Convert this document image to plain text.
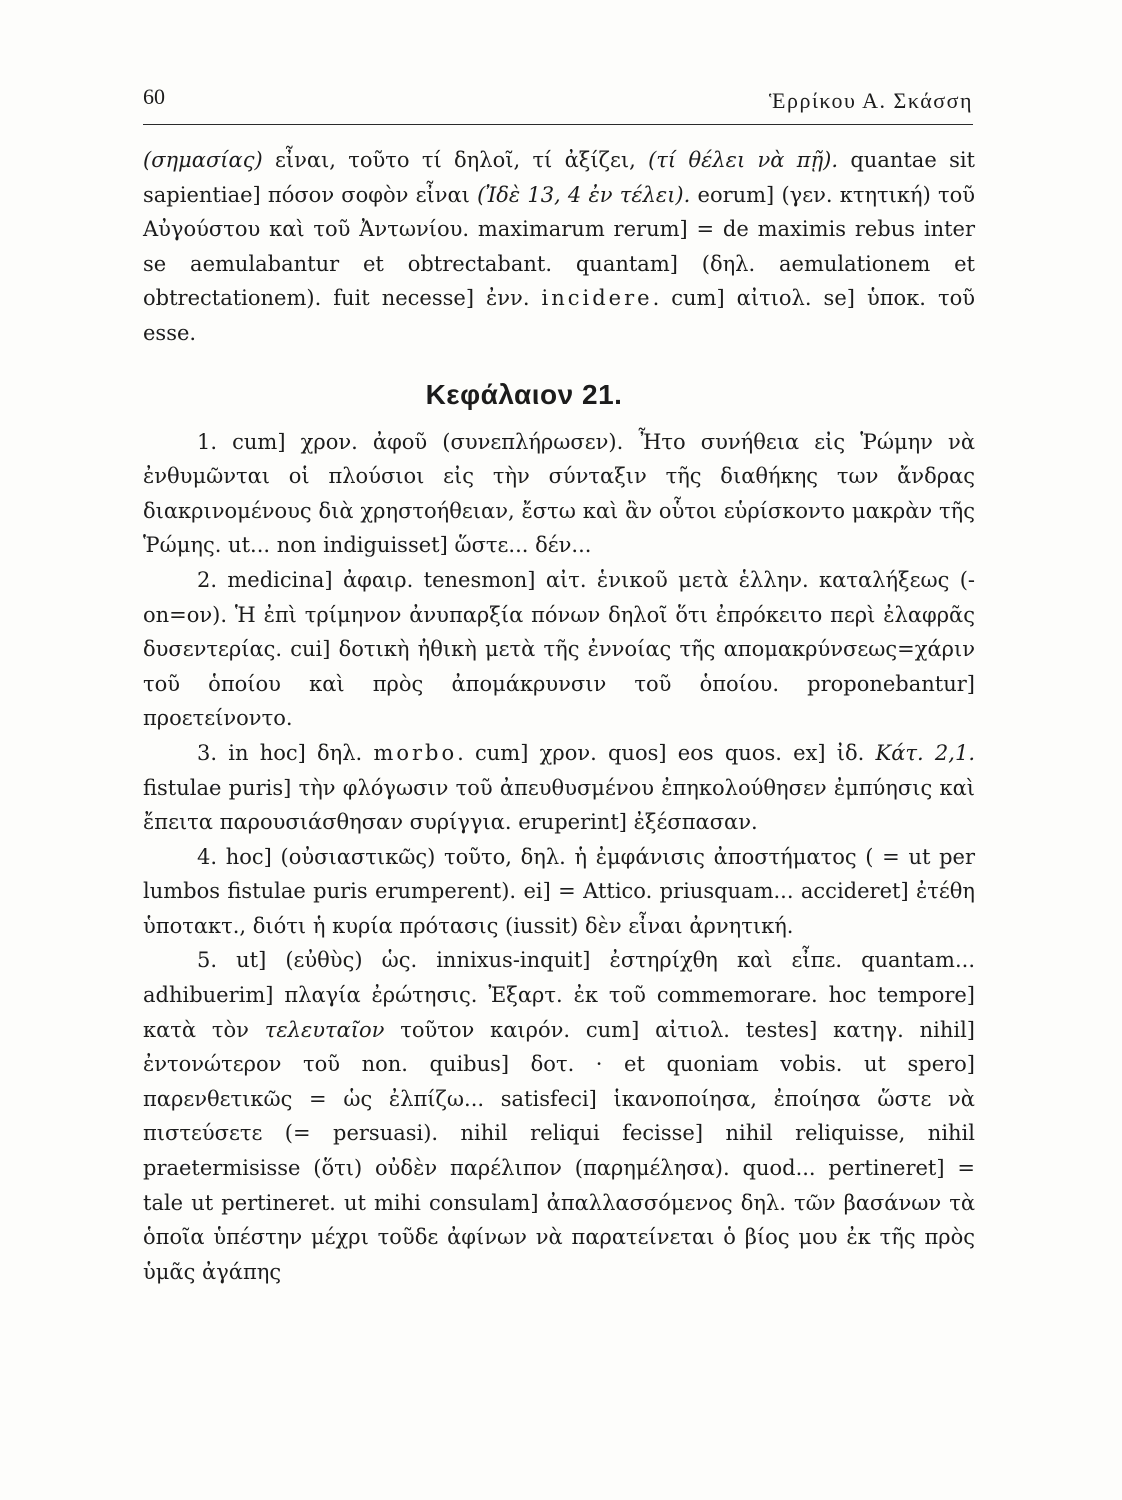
60	Ἑρρίκου Α. Σκάσση

(σημασίας) εἶναι, τοῦτο τί δηλοῖ, τί ἀξίζει, (τί θέλει νὰ πῇ). quantae sit sapientiae] πόσον σοφὸν εἶναι (Ἰδὲ 13, 4 ἐν τέλει). eorum] (γεν. κτητική) τοῦ Αὐγούστου καὶ τοῦ Ἀντωνίου. maximarum rerum] = de maximis rebus inter se aemulabantur et obtrectabant. quantam] (δηλ. aemulationem et obtrectationem). fuit necesse] ἐνν. incidere. cum] αἰτιολ. se] ὑποκ. τοῦ esse.

Κεφάλαιον 21.

1. cum] χρον. ἀφοῦ (συνεπλήρωσεν). Ἦτο συνήθεια εἰς Ῥώμην νὰ ἐνθυμῶνται οἱ πλούσιοι εἰς τὴν σύνταξιν τῆς διαθήκης των ἄνδρας διακρινομένους διὰ χρηστοήθειαν, ἔστω καὶ ἂν οὗτοι εὑρίσκοντο μακρὰν τῆς Ῥώμης. ut... non indiguisset] ὥστε... δέν...

2. medicina] ἀφαιρ. tenesmon] αἰτ. ἑνικοῦ μετὰ ἑλλην. καταλήξεως (-on=ον). Ἡ ἐπὶ τρίμηνον ἀνυπαρξία πόνων δηλοῖ ὅτι ἐπρόκειτο περὶ ἐλαφρᾶς δυσεντερίας. cui] δοτικὴ ἠθικὴ μετὰ τῆς ἐννοίας τῆς απομακρύνσεως=χάριν τοῦ ὁποίου καὶ πρὸς ἀπομάκρυνσιν τοῦ ὁποίου. proponebantur] προετείνοντο.

3. in hoc] δηλ. morbo. cum] χρον. quos] eos quos. ex] ἰδ. Κάτ. 2,1. fistulae puris] τὴν φλόγωσιν τοῦ ἀπευθυσμένου ἐπηκολούθησεν ἐμπύησις καὶ ἔπειτα παρουσιάσθησαν συρίγγια. eruperint] ἐξέσπασαν.

4. hoc] (οὐσιαστικῶς) τοῦτο, δηλ. ἡ ἐμφάνισις ἀποστήματος ( = ut per lumbos fistulae puris erumperent). ei] = Attico. priusquam... accideret] ἐτέθη ὑποτακτ., διότι ἡ κυρία πρότασις (iussit) δὲν εἶναι ἀρνητική.

5. ut] (εὐθὺς) ὡς. innixus-inquit] ἐστηρίχθη καὶ εἶπε. quantam... adhibuerim] πλαγία ἐρώτησις. Ἐξαρτ. ἐκ τοῦ commemorare. hoc tempore] κατὰ τὸν τελευταῖον τοῦτον καιρόν. cum] αἰτιολ. testes] κατηγ. nihil] ἐντονώτερον τοῦ non. quibus] δοτ. · et quoniam vobis. ut spero] παρενθετικῶς = ὡς ἐλπίζω... satisfeci] ἱκανοποίησα, ἐποίησα ὥστε νὰ πιστεύσετε (= persuasi). nihil reliqui fecisse] nihil reliquisse, nihil praetermisisse (ὅτι) οὐδὲν παρέλιπον (παρημέλησα). quod... pertineret] = tale ut pertineret. ut mihi consulam] ἀπαλλασσόμενος δηλ. τῶν βασάνων τὰ ὁποῖα ὑπέστην μέχρι τοῦδε ἀφίνων νὰ παρατείνεται ὁ βίος μου ἐκ τῆς πρὸς ὑμᾶς ἀγάπης
